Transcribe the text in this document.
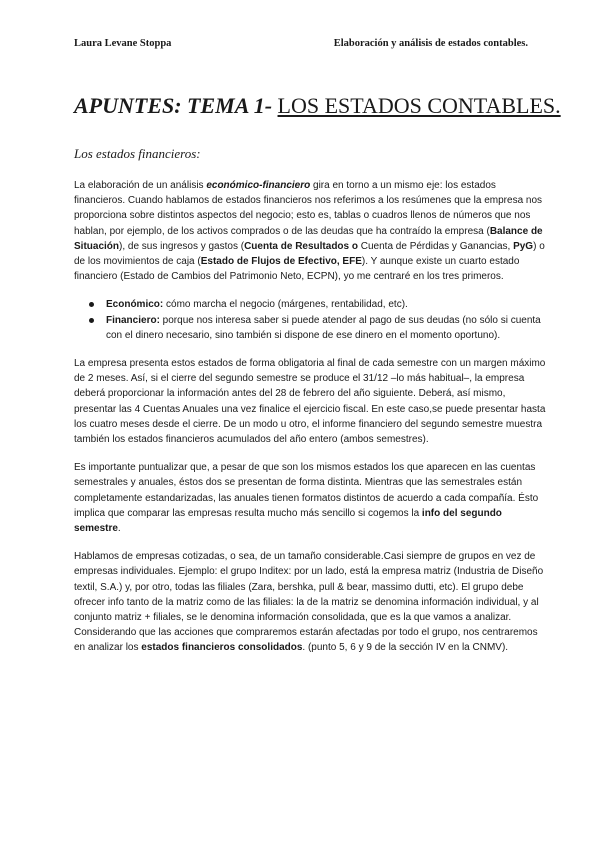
Laura Levane Stoppa	Elaboración y análisis de estados contables.
APUNTES: TEMA 1- LOS ESTADOS CONTABLES.
Los estados financieros:

La elaboración de un análisis económico-financiero gira en torno a un mismo eje: los estados financieros. Cuando hablamos de estados financieros nos referimos a los resúmenes que la empresa nos proporciona sobre distintos aspectos del negocio; esto es, tablas o cuadros llenos de números que nos hablan, por ejemplo, de los activos comprados o de las deudas que ha contraído la empresa (Balance de Situación), de sus ingresos y gastos (Cuenta de Resultados o Cuenta de Pérdidas y Ganancias, PyG) o de los movimientos de caja (Estado de Flujos de Efectivo, EFE). Y aunque existe un cuarto estado financiero (Estado de Cambios del Patrimonio Neto, ECPN), yo me centraré en los tres primeros.

Económico: cómo marcha el negocio (márgenes, rentabilidad, etc).
Financiero: porque nos interesa saber si puede atender al pago de sus deudas (no sólo si cuenta con el dinero necesario, sino también si dispone de ese dinero en el momento oportuno).

La empresa presenta estos estados de forma obligatoria al final de cada semestre con un margen máximo de 2 meses. Así, si el cierre del segundo semestre se produce el 31/12 –lo más habitual–, la empresa deberá proporcionar la información antes del 28 de febrero del año siguiente. Deberá, así mismo, presentar las 4 Cuentas Anuales una vez finalice el ejercicio fiscal. En este caso,se puede presentar hasta los cuatro meses desde el cierre. De un modo u otro, el informe financiero del segundo semestre muestra también los estados financieros acumulados del año entero (ambos semestres).

Es importante puntualizar que, a pesar de que son los mismos estados los que aparecen en las cuentas semestrales y anuales, éstos dos se presentan de forma distinta. Mientras que las semestrales están completamente estandarizadas, las anuales tienen formatos distintos de acuerdo a cada compañía. Ésto implica que comparar las empresas resulta mucho más sencillo si cogemos la info del segundo semestre.

Hablamos de empresas cotizadas, o sea, de un tamaño considerable.Casi siempre de grupos en vez de empresas individuales. Ejemplo: el grupo Inditex: por un lado, está la empresa matriz (Industria de Diseño textil, S.A.) y, por otro, todas las filiales (Zara, bershka, pull & bear, massimo dutti, etc). El grupo debe ofrecer info tanto de la matriz como de las filiales: la de la matriz se denomina información individual, y al conjunto matriz + filiales, se le denomina información consolidada, que es la que vamos a analizar. Considerando que las acciones que compraremos estarán afectadas por todo el grupo, nos centraremos en analizar los estados financieros consolidados. (punto 5, 6 y 9 de la sección IV en la CNMV).
